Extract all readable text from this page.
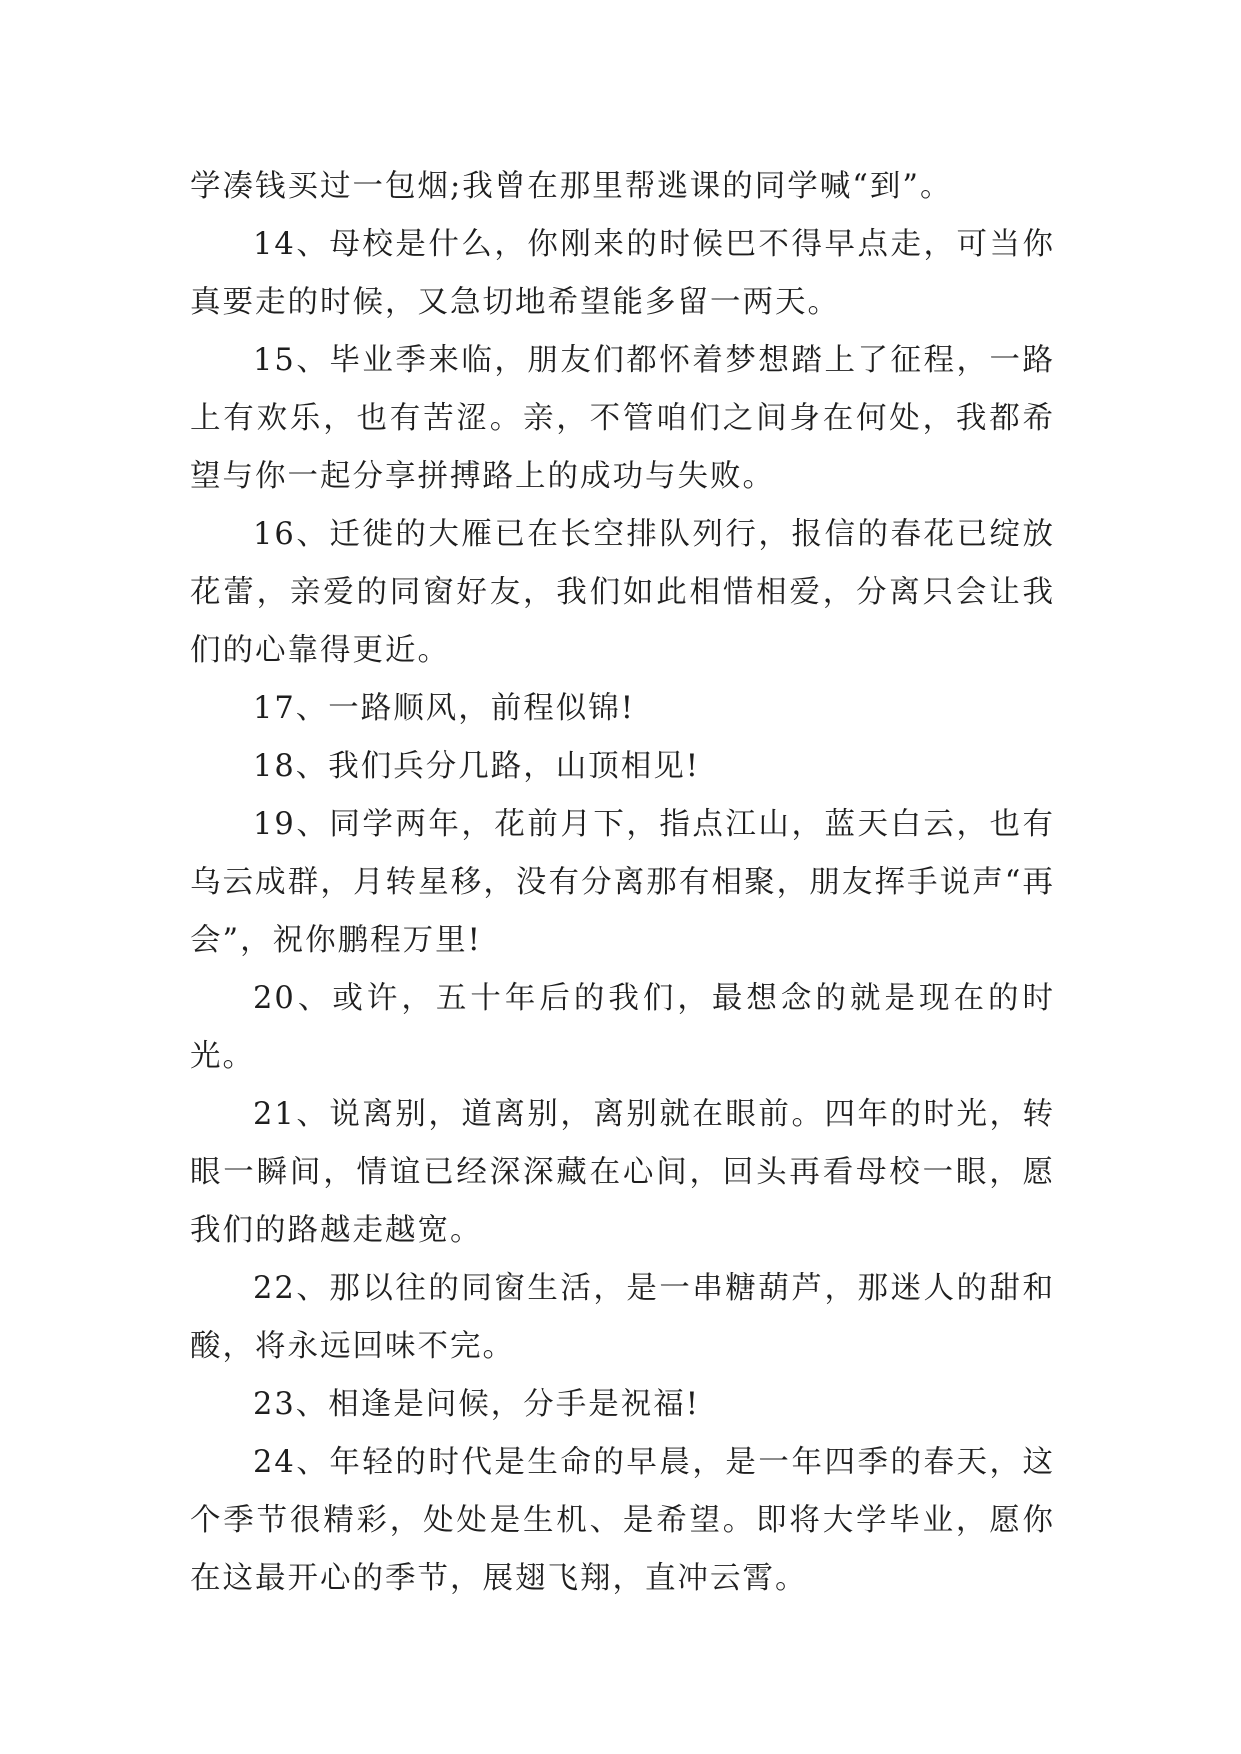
学凑钱买过一包烟;我曾在那里帮逃课的同学喊“到”。

14、母校是什么，你刚来的时候巴不得早点走，可当你真要走的时候，又急切地希望能多留一两天。

15、毕业季来临，朋友们都怀着梦想踏上了征程，一路上有欢乐，也有苦涩。亲，不管咱们之间身在何处，我都希望与你一起分享拼搏路上的成功与失败。

16、迁徙的大雁已在长空排队列行，报信的春花已绽放花蕾，亲爱的同窗好友，我们如此相惜相爱，分离只会让我们的心靠得更近。

17、一路顺风，前程似锦!

18、我们兵分几路，山顶相见!

19、同学两年，花前月下，指点江山，蓝天白云，也有乌云成群，月转星移，没有分离那有相聚，朋友挥手说声“再会”，祝你鹏程万里!

20、或许，五十年后的我们，最想念的就是现在的时光。

21、说离别，道离别，离别就在眼前。四年的时光，转眼一瞬间，情谊已经深深藏在心间，回头再看母校一眼，愿我们的路越走越宽。

22、那以往的同窗生活，是一串糖葫芦，那迷人的甜和酸，将永远回味不完。

23、相逢是问候，分手是祝福!

24、年轻的时代是生命的早晨，是一年四季的春天，这个季节很精彩，处处是生机、是希望。即将大学毕业，愿你在这最开心的季节，展翅飞翔，直冲云霄。
